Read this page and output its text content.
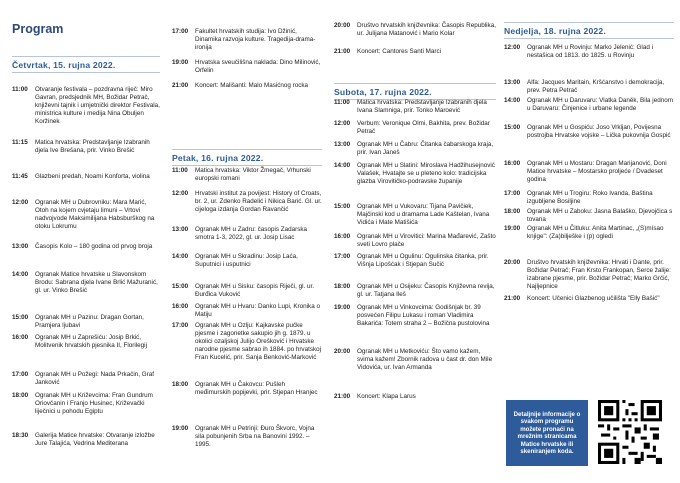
Program
Četvrtak, 15. rujna 2022.
11:00	Otvaranje festivala – pozdravna riječ: Miro Gavran, predsjednik MH, Božidar Petrač, književni tajnik i umjetnički direktor Festivala, ministrica kulture i medija Nina Obuljen Koržinek
11:15	Matica hrvatska: Predstavljanje Izabranih djela Ive Brešana, prir. Vinko Brešić
11:45	Glazbeni predah, Noami Konforta, violina
12:00	Ogranak MH u Dubrovniku: Mara Marić, Otoh na kojem cvjetaju limuni – Vrtovi nadvojvode Maksimilijana Habsburškog na otoku Lokrumu
13:00	Časopis Kolo – 180 godina od prvog broja
14:00	Ogranak Matice hrvatske u Slavonskom Brodu: Sabrana djela Ivane Brlić Mažuranić, gl. ur. Vinko Brešić
15:00	Ogranak MH u Pazinu: Dragan Gortan, Pramjera ljubavi
16:00	Ogranak MH u Zaprešiću: Josip Brkić, Molitvenik hrvatskih pjesnika II, Florilegij
17:00	Ogranak MH u Požegi: Nada Prkačin, Graf Janković
18:00	Ogranak MH u Križevcima: Fran Gundrum Oriovčanin i Franjo Husinec, Križevački liječnici u pohodu Egiptu
18:30	Galerija Matice hrvatske: Otvaranje izložbe Jure Talajića, Vedrina Mediterana
Petak, 16. rujna 2022.
17:00	Fakultet hrvatskih studija: Ivo Džinić, Dinamika razvoja kulture. Tragedija-drama-ironija
19:00	Hrvatska sveučilišna naklada: Dino Milinović, Orfelin
21:00	Koncert: Mališanti: Malo Masićnog rocka
11:00	Matica hrvatska: Viktor Žmegač, Vrhunski europski romani
12:00	Hrvatski institut za povijest: History of Croats, br. 2, ur. Zdenko Radelić i Nikica Barić. Gl. ur. cijeloga izdanja Gordan Ravančić
13:00	Ogranak MH u Zadru: časopis Zadarska smotra 1-3, 2022, gl. ur. Josip Lisac
14:00	Ogranak MH u Skradinu: Josip Laća, Suputnici i usputnici
15:00	Ogranak MH u Sisku: časopis Riječi, gl. ur. Đurđica Vuković
16:00	Ogranak MH u Hvaru: Danko Lupi, Kronika o Matiju
17:00	Ogranak MH u Ozlju: Kajkavske pučke pjesme i zagonetke sakupio jih g. 1879. u okolici ozaljskoj Julijo Orešković i Hrvatske narodne pjesme sabrao ih 1884. po hrvatskoj Fran Kucelić, prir. Sanja Benković-Marković
18:00	Ogranak MH u Čakovcu: Pušleh međimurskih popijevki, prir. Stjepan Hranjec
19:00	Ogranak MH u Petrinji: Đuro Škvorc, Vojna sila pobunjenih Srba na Banovini 1992. – 1995.
Subota, 17. rujna 2022.
20:00	Društvo hrvatskih književnika: Časopis Republika, ur. Julijana Matanović i Mario Kolar
21:00	Koncert: Cantores Santi Marci
11:00	Matica hrvatska: Predstavljanje Izabranih djela Ivana Slamniga, prir. Tonko Maroević
12:00	Verbum: Veronique Olmi, Bakhita, prev. Božidar Petrač
13:00	Ogranak MH u Čabru: Čitanka čabarskoga kraja, prir. Ivan Janeš
14:00	Ogranak MH u Slatini: Miroslava Hadžihusejnović Valašek, Hvatajte se u pleteno kolo: tradicijska glazba Virovitičko-podravske županije
15:00	Ogranak MH u Vukovaru: Tijana Pavičiek, Majčinski kod u dramama Lade Kaštelan, Ivana Vidića i Mate Matišića
16:00	Ogranak MH u Virovitici: Marina Mađarević, Zašto sveti Lovro plače
17:00	Ogranak MH u Ogulinu: Ogulinska čitanka, prir. Višnja Lipošćak i Stjepan Sučić
18:00	Ogranak MH u Osijeku: Časopis Književna revija, gl. ur. Tatjana Ileš
19:00	Ogranak MH u Vinkovcima: Godišnjak br. 39 posvećen Filipu Lukasu i roman Vladimira Bakarića: Totem straha 2 – Božična pustolovina
20:00	Ogranak MH u Metkoviću: Što vamo kažem, svima kažem! Zbornik radova u čast dr. don Mile Vidovića, ur. Ivan Armanda
21:00	Koncert: Klapa Larus
Nedjelja, 18. rujna 2022.
12:00	Ogranak MH u Rovinju: Marko Jelenić: Glad i nestašica od 1813. do 1825. u Rovinju
13:00	Alfa: Jacques Maritain, Kršćanstvo i demokracija, prev. Petra Petrač
14:00	Ogranak MH u Daruvaru: Vlatka Daněk, Bila jednom u Daruvaru: Činjenice i urbane legende
15:00	Ogranak MH u Gospiću: Joso Vrkljan, Povijesna postrojba Hrvatske vojske – Lička pukovnija Gospić
16:00	Ogranak MH u Mostaru: Dragan Marijanović, Doni Matice hrvatske – Mostarsko proljeće / Dvadeset godina
17:00	Ogranak MH u Trogiru: Roko Ivanda, Baština izgubljene Bosiljine
18:00	Ogranak MH u Zaboku: Jasna Balaško, Djevojčica s tovana
19:00	Ogranak MH u Čitluku: Anita Martinac, „(S)mísao knjige": (Za)bilješke i (p) ogledi
20:00	Društvo hrvatskih književnika: Hrvati i Dante, prir. Božidar Petrač; Fran Krsto Frankopan, Serce žalije: izabrane pjesme, prir. Božidar Petrač; Marko Grčić, Najljepnice
21:00	Koncert: Učenici Glazbenog učilišta "Elly Bašić"
Detaljnije informacije o svakom programu možete pronaći na mrežnim stranicama Matice hrvatske ili skeniranjem koda.
